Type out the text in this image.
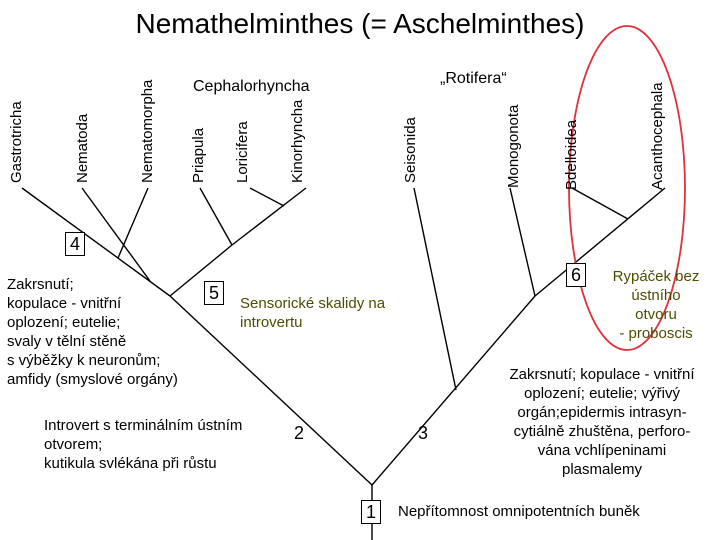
Nemathelminthes (= Aschelminthes)
Gastrotricha	Nematoda	Nematomorpha Priapula Loricifera	Kinorhyncha	Seisonida	Monogonota	Bdelloidea	Acanthocephala
Cephalorhyncha	„Rotifera“
1
2	3
4
5
6
Zakrsnutí;
kopulace - vnitřní
oplození; eutelie;
svaly v tělní stěně
s výběžky k neuronům;
amfidy (smyslové orgány)
Sensorické skalidy na
introvertu
Introvert s terminálním ústním
otvorem;
kutikula svlékána při růstu
Zakrsnutí; kopulace - vnitřní
oplození; eutelie; výřivý
orgán;epidermis intrasyn-
cytiálně zhuštěna, perforo-
vána vchlípeninami
plasmalemy
Nepřítomnost omnipotentních buněk
Rypáček bez
ústního
otvoru
- proboscis
